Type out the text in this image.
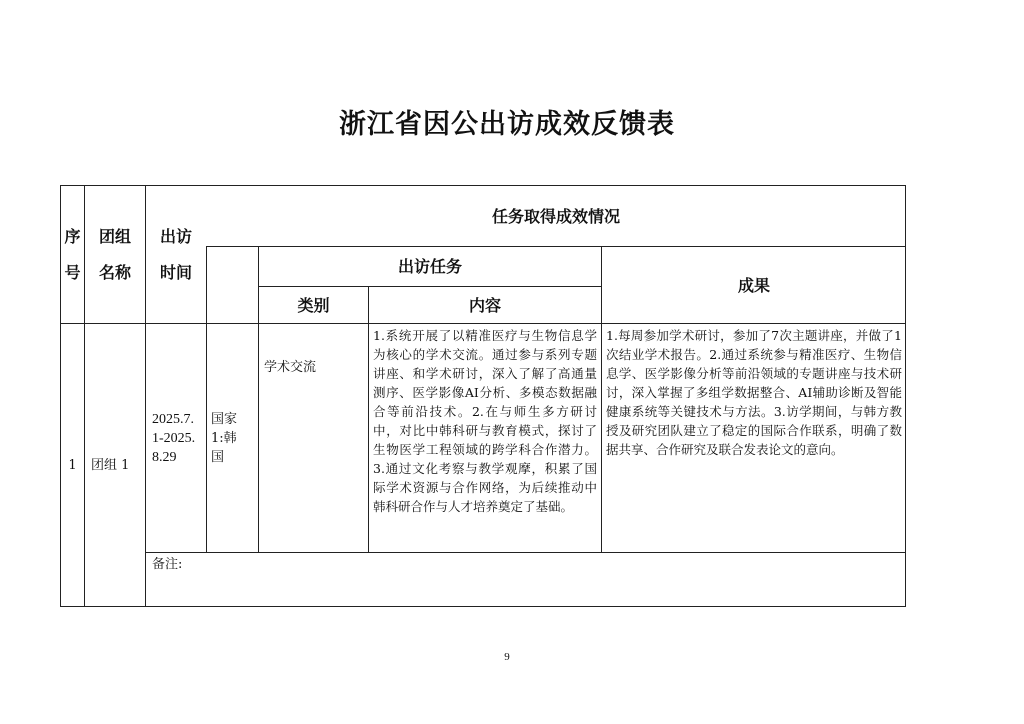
浙江省因公出访成效反馈表
序号
团组名称
出访时间
任务取得成效情况
出访任务
成果
类别	内容
1	团组 1
2025.7.1-2025.8.29
国家1:韩国
学术交流
1.系统开展了以精准医疗与生物信息学为核心的学术交流。通过参与系列专题讲座、和学术研讨，深入了解了高通量测序、医学影像AI分析、多模态数据融合等前沿技术。2.在与师生多方研讨中，对比中韩科研与教育模式，探讨了生物医学工程领域的跨学科合作潜力。3.通过文化考察与教学观摩，积累了国际学术资源与合作网络，为后续推动中韩科研合作与人才培养奠定了基础。
1.每周参加学术研讨，参加了7次主题讲座，并做了1次结业学术报告。2.通过系统参与精准医疗、生物信息学、医学影像分析等前沿领域的专题讲座与技术研讨，深入掌握了多组学数据整合、AI辅助诊断及智能健康系统等关键技术与方法。3.访学期间，与韩方教授及研究团队建立了稳定的国际合作联系，明确了数据共享、合作研究及联合发表论文的意向。
备注:
9
